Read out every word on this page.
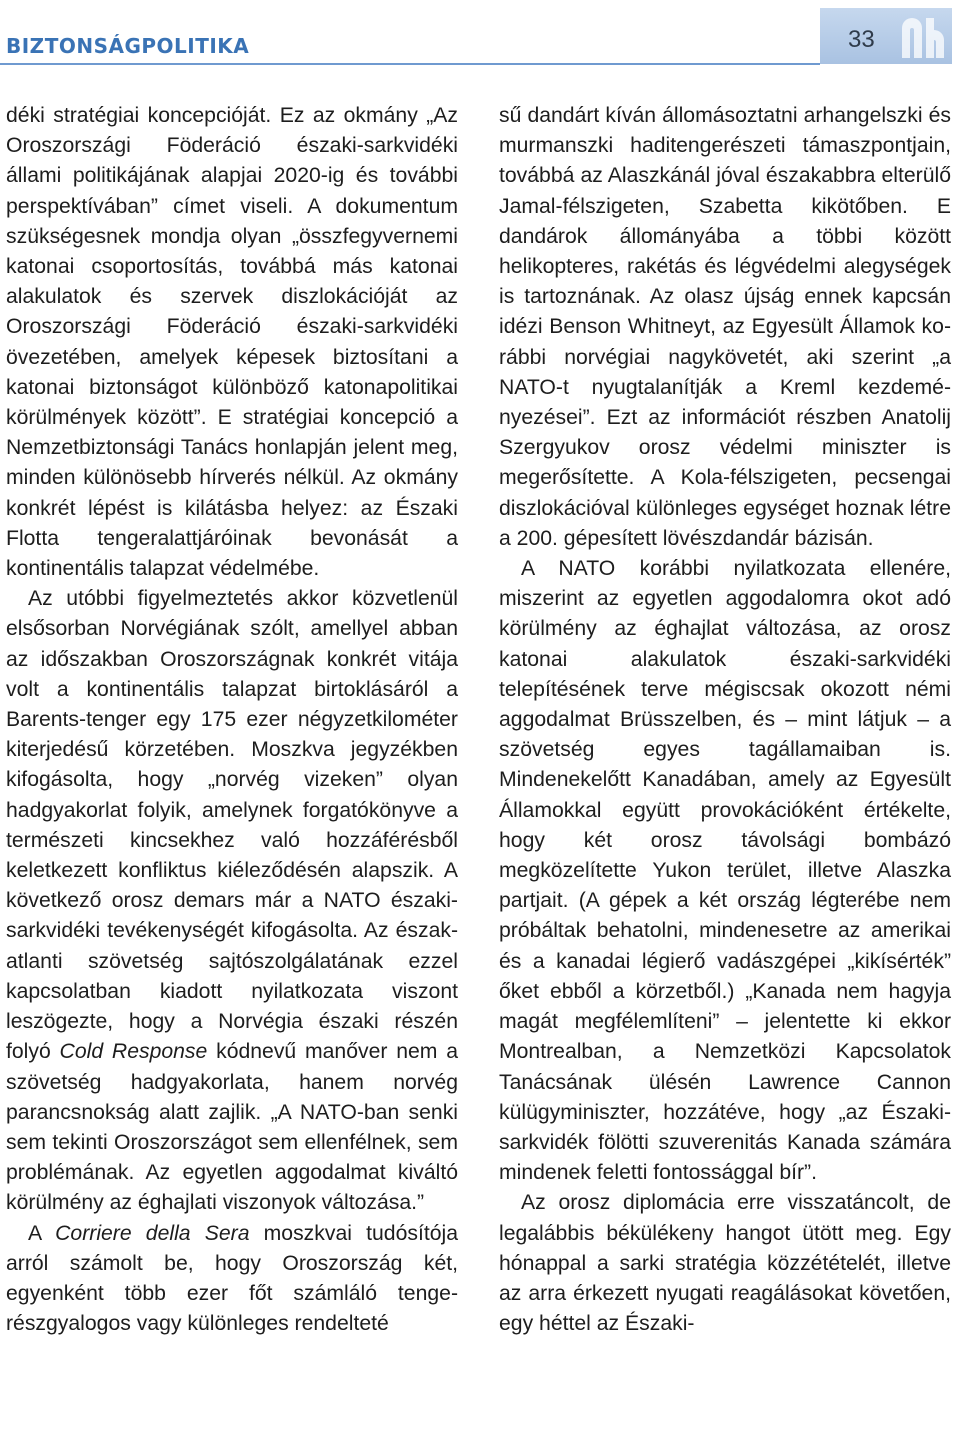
BIZTONSÁGPOLITIKA	33

déki stratégiai koncepcióját. Ez az okmány „Az Oroszországi Föderáció északi-sarkvidéki állami politikájának alapjai 2020-ig és további perspektívában” címet viseli. A dokumentum szükségesnek mondja olyan „összfegyvernemi katonai csoportosítás, továbbá más katonai alakulatok és szervek diszlokációját az Oroszországi Föderáció északi-sarkvidéki övezetében, amelyek képesek biztosítani a katonai biztonságot különböző katonapolitikai körülmények között”. E stratégiai koncepció a Nemzetbiztonsági Tanács honlapján jelent meg, minden különösebb hírverés nélkül. Az okmány konkrét lépést is kilátásba helyez: az Északi Flotta tengeralattjáróinak bevonását a kontinentális talapzat védelmébe.

Az utóbbi figyelmeztetés akkor közvetlenül elsősorban Norvégiának szólt, amellyel abban az időszakban Oroszországnak konkrét vitája volt a kontinentális talapzat birtoklásáról a Barents-tenger egy 175 ezer négyzetkilométer kiterjedésű körzetében. Moszkva jegyzékben kifogásolta, hogy „norvég vizeken” olyan hadgyakorlat folyik, amelynek forgatókönyve a természeti kincsekhez való hozzáférésből keletkezett konfliktus kiéleződésén alapszik. A következő orosz demars már a NATO északi-sarkvidéki tevékenységét kifogásolta. Az észak-atlanti szövetség sajtószolgálatának ezzel kapcsolatban kiadott nyilatkozata viszont leszögezte, hogy a Norvégia északi részén folyó Cold Response kódnevű manőver nem a szövetség hadgyakorlata, hanem norvég parancsnokság alatt zajlik. „A NATO-ban senki sem tekinti Oroszországot sem ellenfélnek, sem problémának. Az egyetlen aggodalmat kiváltó körülmény az éghajlati viszonyok változása.”

A Corriere della Sera moszkvai tudósítója arról számolt be, hogy Oroszország két, egyenként több ezer főt számláló tengerészgyalogos vagy különleges rendelteté

sű dandárt kíván állomásoztatni arhangelszki és murmanszki haditengerészeti támaszpontjain, továbbá az Alaszkánál jóval északabbra elterülő Jamal-félszigeten, Szabetta kikötőben. E dandárok állományába a többi között helikopteres, rakétás és légvédelmi alegységek is tartoznának. Az olasz újság ennek kapcsán idézi Benson Whitneyt, az Egyesült Államok korábbi norvégiai nagykövetét, aki szerint „a NATO-t nyugtalanítják a Kreml kezdeményezései”. Ezt az információt részben Anatolij Szergyukov orosz védelmi miniszter is megerősítette. A Kola-félszigeten, pecsengai diszlokációval különleges egységet hoznak létre a 200. gépesített lövészdandár bázisán.

A NATO korábbi nyilatkozata ellenére, miszerint az egyetlen aggodalomra okot adó körülmény az éghajlat változása, az orosz katonai alakulatok északi-sarkvidéki telepítésének terve mégiscsak okozott némi aggodalmat Brüsszelben, és – mint látjuk – a szövetség egyes tagállamaiban is. Mindenekelőtt Kanadában, amely az Egyesült Államokkal együtt provokációként értékelte, hogy két orosz távolsági bombázó megközelítette Yukon terület, illetve Alaszka partjait. (A gépek a két ország légterébe nem próbáltak behatolni, mindenesetre az amerikai és a kanadai légierő vadászgépei „kikísérték” őket ebből a körzetből.) „Kanada nem hagyja magát megfélemlíteni” – jelentette ki ekkor Montrealban, a Nemzetközi Kapcsolatok Tanácsának ülésén Lawrence Cannon külügyminiszter, hozzátéve, hogy „az Északi-sarkvidék fölötti szuverenitás Kanada számára mindenek feletti fontossággal bír”.

Az orosz diplomácia erre visszatáncolt, de legalábbis békülékeny hangot ütött meg. Egy hónappal a sarki stratégia közzétételét, illetve az arra érkezett nyugati reagálásokat követően, egy héttel az Északi-
